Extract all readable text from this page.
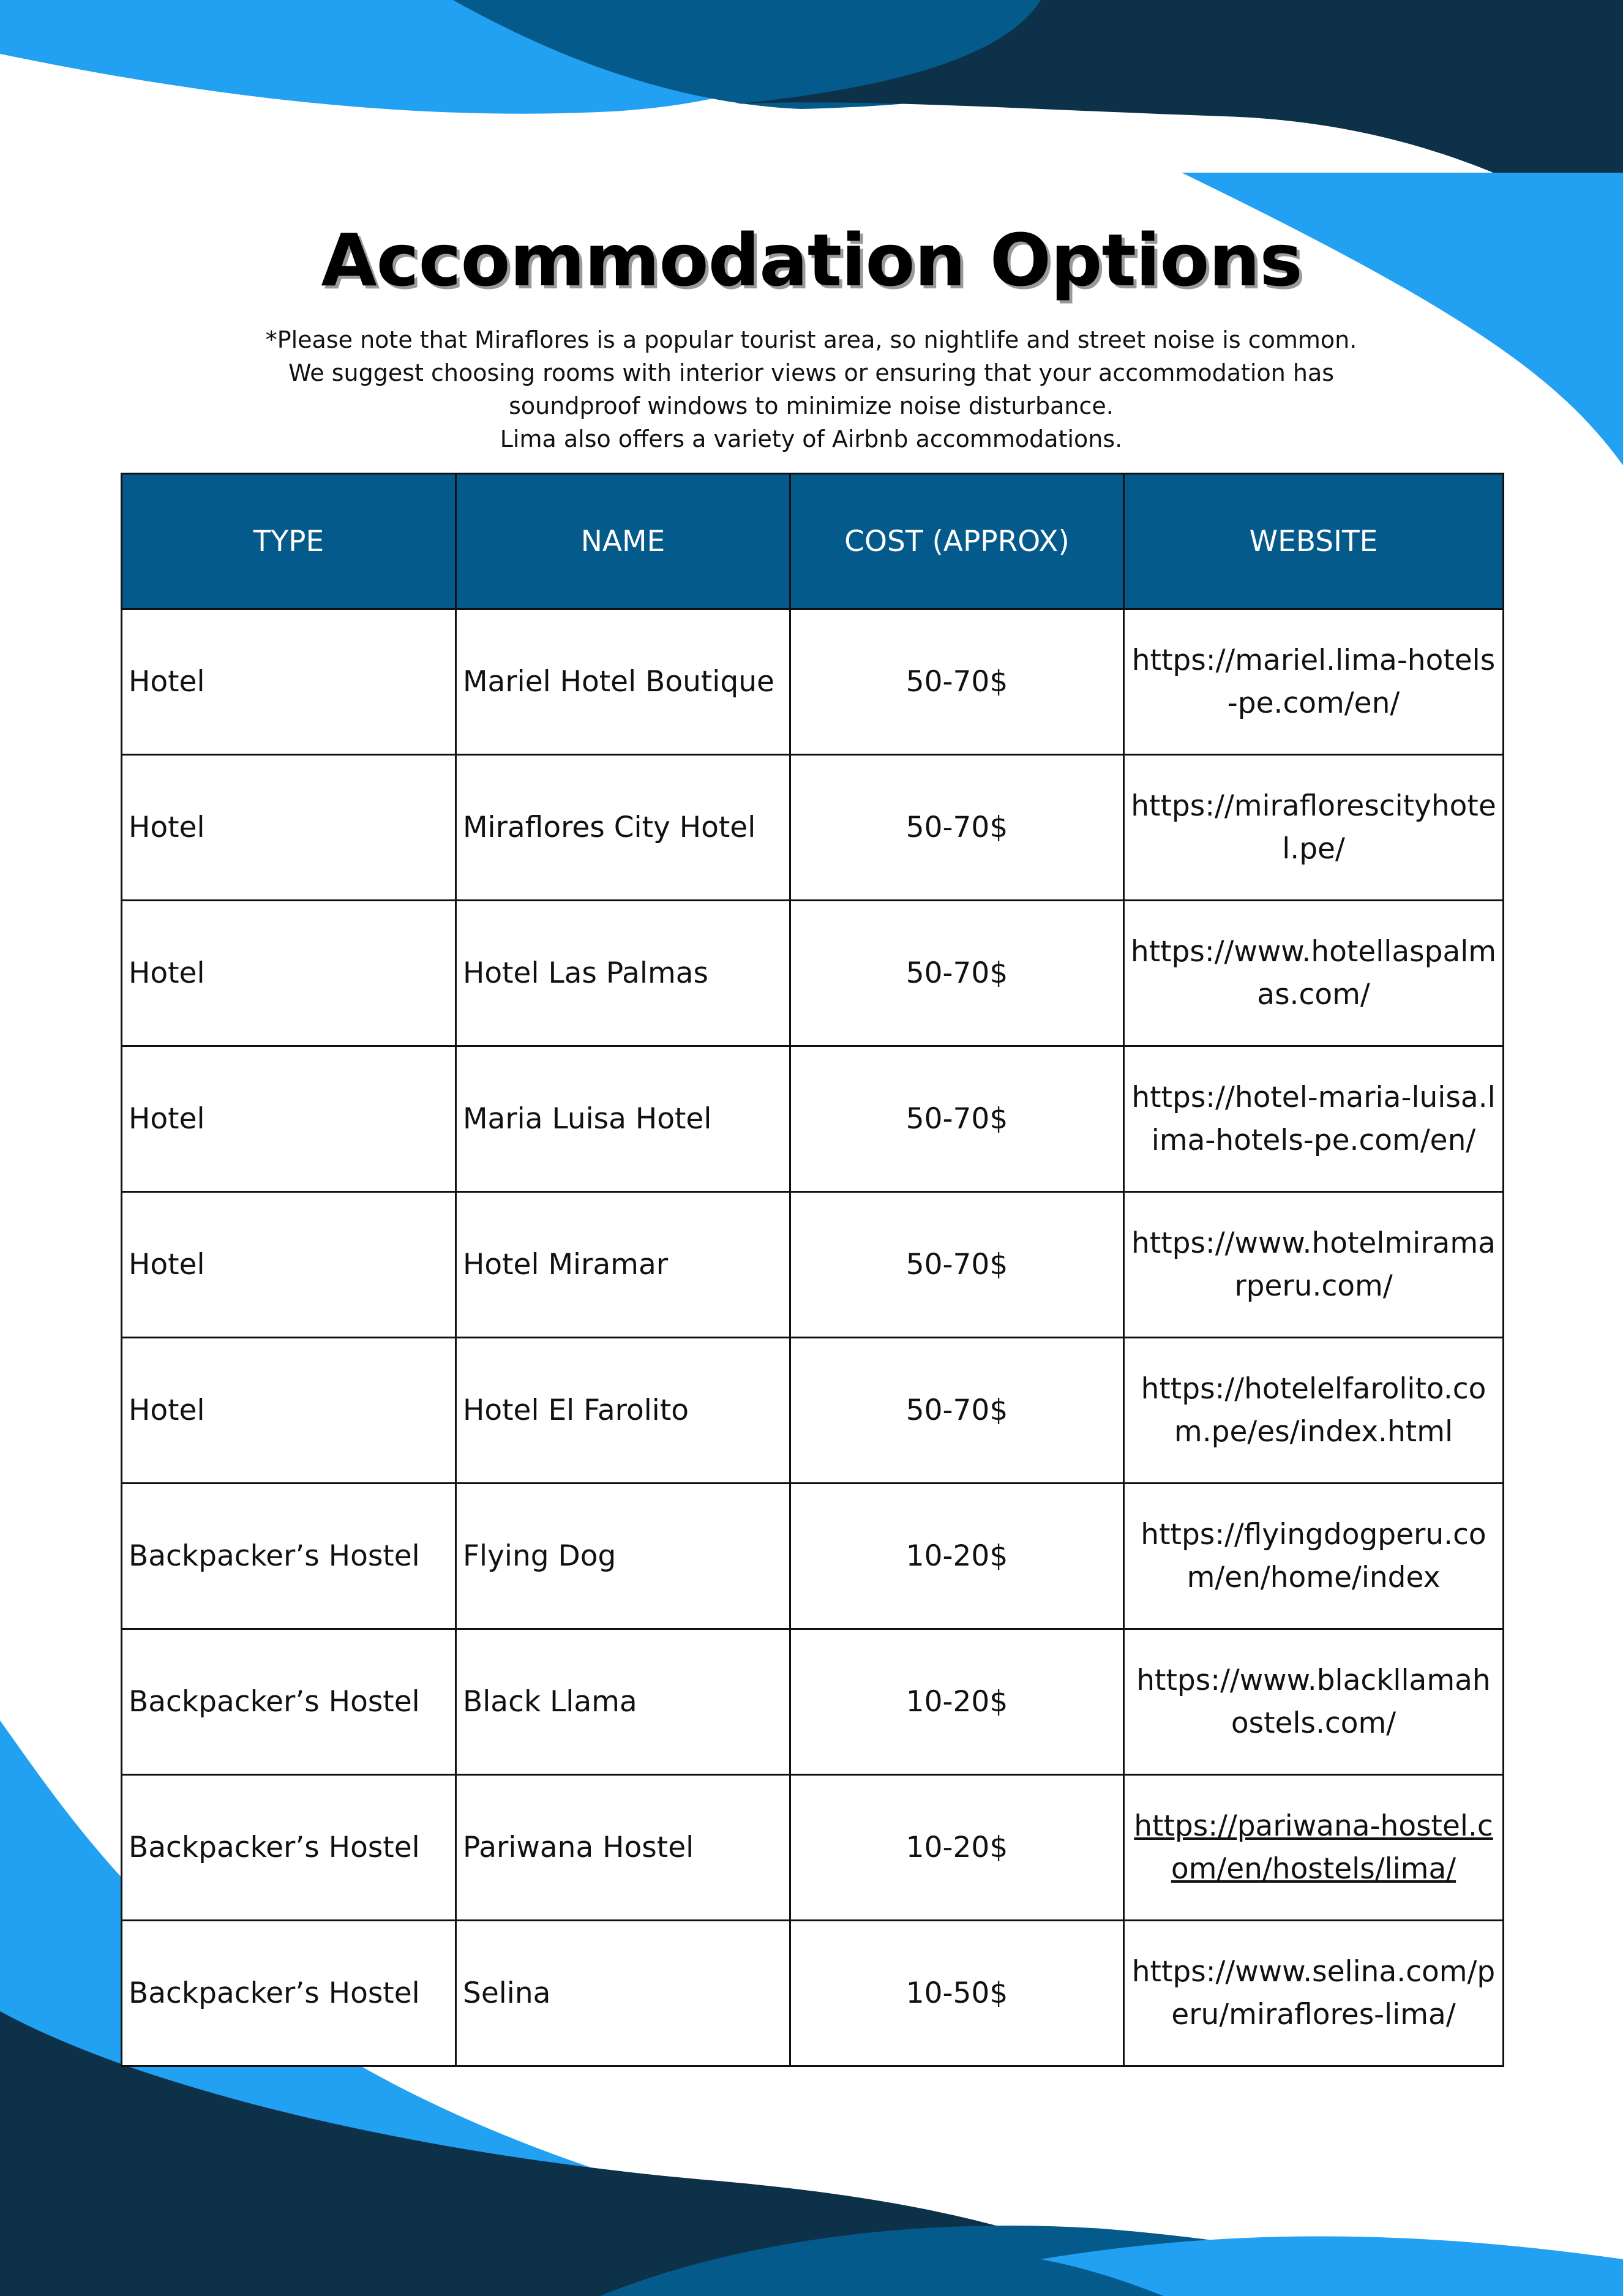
Accommodation Options

*Please note that Miraflores is a popular tourist area, so nightlife and street noise is common.

We suggest choosing rooms with interior views or ensuring that your accommodation has

soundproof windows to minimize noise disturbance.

Lima also offers a variety of Airbnb accommodations.

TYPE	NAME	COST (APPROX)	WEBSITE
Hotel	Mariel Hotel Boutique	50-70$	https://mariel.lima-hotels-pe.com/en/
Hotel	Miraflores City Hotel	50-70$	https://miraflorescityhotel.pe/
Hotel	Hotel Las Palmas	50-70$	https://www.hotellaspalmas.com/
Hotel	Maria Luisa Hotel	50-70$	https://hotel-maria-luisa.lima-hotels-pe.com/en/
Hotel	Hotel Miramar	50-70$	https://www.hotelmiramarperu.com/
Hotel	Hotel El Farolito	50-70$	https://hotelelfarolito.com.pe/es/index.html
Backpacker’s Hostel	Flying Dog	10-20$	https://flyingdogperu.com/en/home/index
Backpacker’s Hostel	Black Llama	10-20$	https://www.blackllamahostels.com/
Backpacker’s Hostel	Pariwana Hostel	10-20$	https://pariwana-hostel.com/en/hostels/lima/
Backpacker’s Hostel	Selina	10-50$	https://www.selina.com/peru/miraflores-lima/
